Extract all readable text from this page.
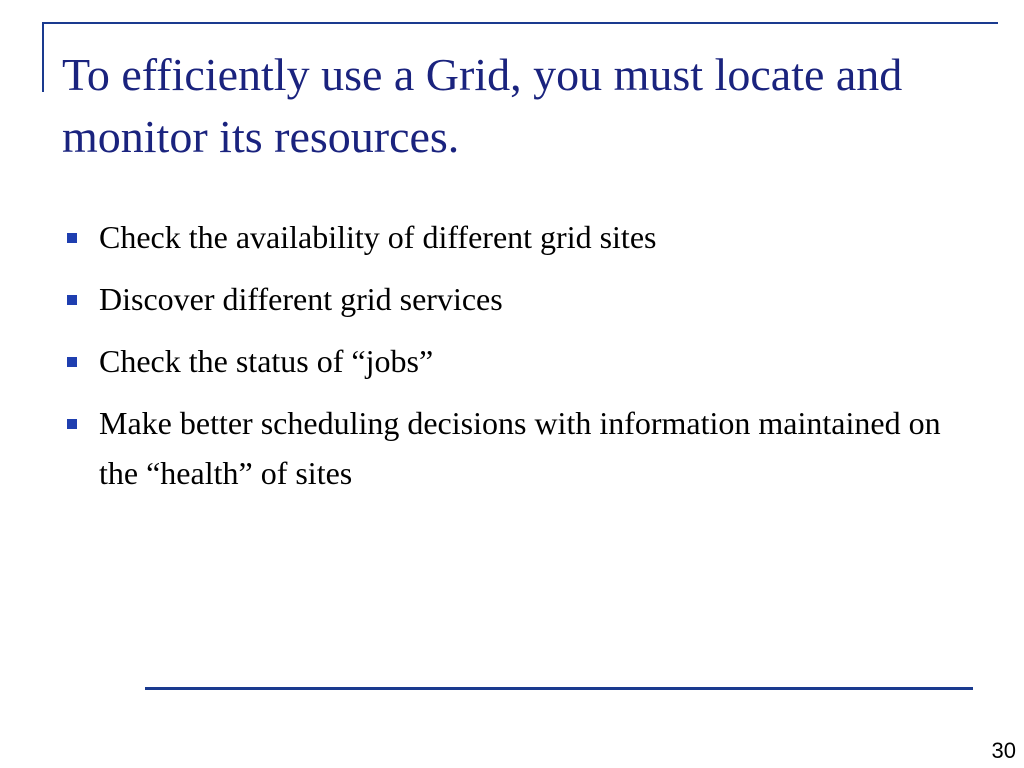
To efficiently use a Grid, you must locate and monitor its resources.
Check the availability of different grid sites
Discover different grid services
Check the status of “jobs”
Make better scheduling decisions with information maintained on the “health” of sites
30
